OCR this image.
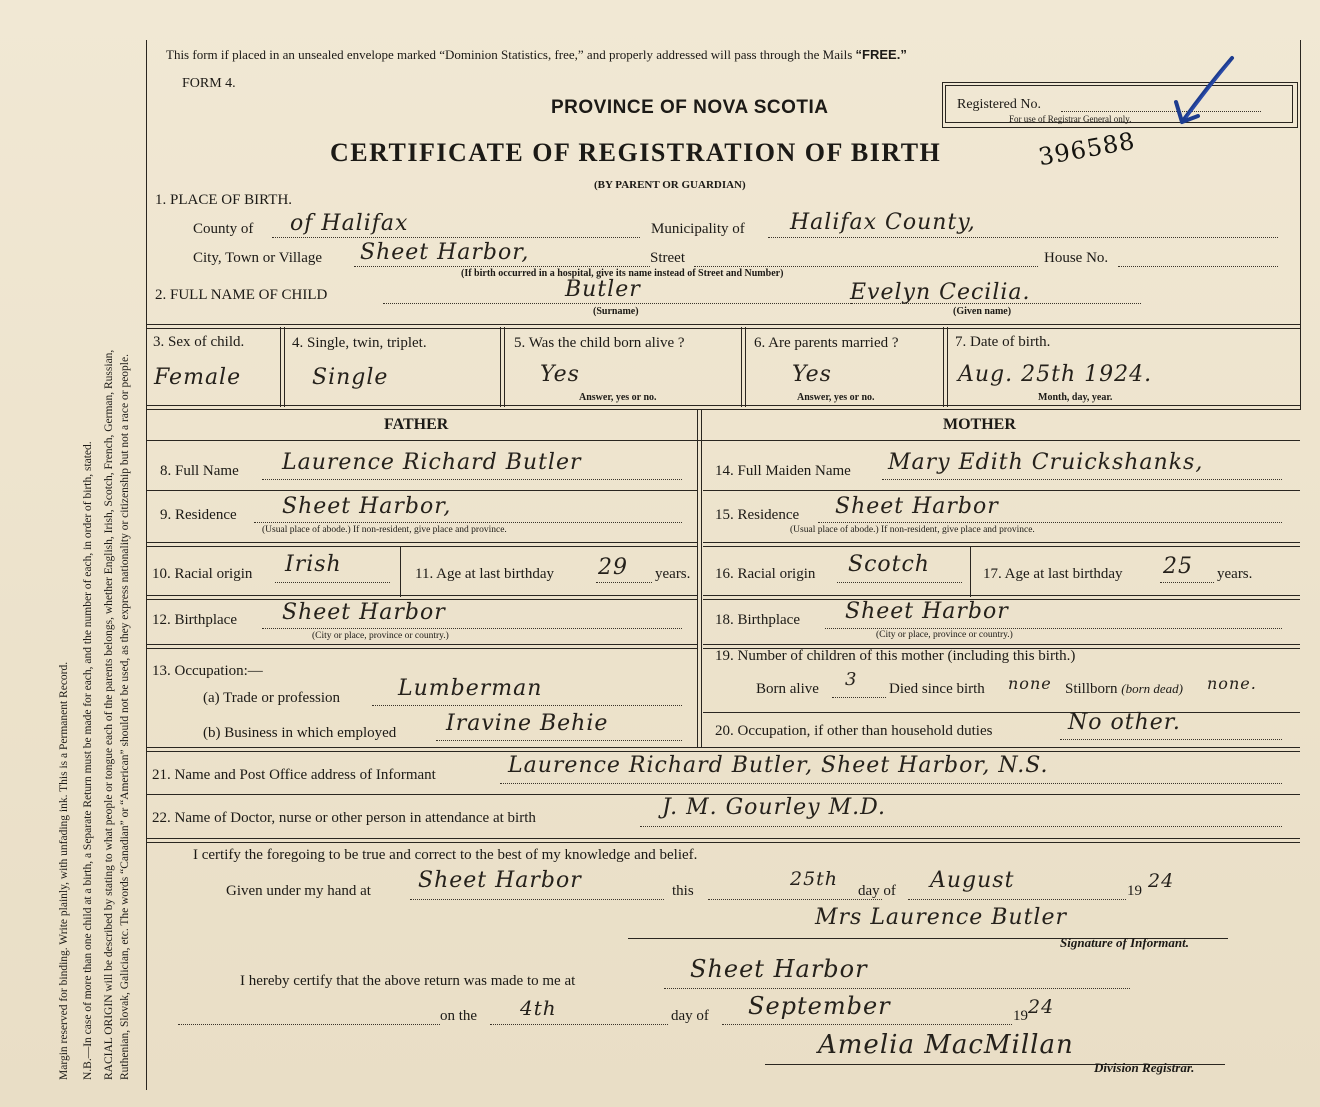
Margin reserved for binding. Write plainly, with unfading ink. This is a Permanent Record. N.B.—In case of more than one child at a birth, a Separate Return must be made for each, and the number of each, in order of birth, stated. RACIAL ORIGIN will be described by stating to what people or tongue each of the parents belongs, whether English, Irish, Scotch, French, German, Russian, Ruthenian, Slovak, Galician, etc. The words “Canadian” or “American” should not be used, as they express nationality or citizenship but not a race or people.
This form if placed in an unsealed envelope marked “Dominion Statistics, free,” and properly addressed will pass through the Mails “FREE.”
FORM 4.
PROVINCE OF NOVA SCOTIA	Registered No.
For use of Registrar General only.
396588
CERTIFICATE OF REGISTRATION OF BIRTH
(BY PARENT OR GUARDIAN)
1. PLACE OF BIRTH.
County of of Halifax	Municipality of Halifax County,
City, Town or Village Sheet Harbor,	Street	House No.
(If birth occurred in a hospital, give its name instead of Street and Number)
2. FULL NAME OF CHILD	Butler	Evelyn Cecilia.
(Surname)	(Given name)
3. Sex of child.
Female
4. Single, twin, triplet.
Single
5. Was the child born alive ?
Yes
Answer, yes or no.
6. Are parents married ?
Yes
Answer, yes or no.
7. Date of birth.
Aug. 25th 1924.
Month, day, year.
FATHER	MOTHER
8. Full Name Laurence Richard Butler
9. Residence Sheet Harbor,
(Usual place of abode.) If non-resident, give place and province.
10. Racial origin Irish	11. Age at last birthday 29 years.
12. Birthplace Sheet Harbor
(City or place, province or country.)
13. Occupation:—
(a) Trade or profession	Lumberman
(b) Business in which employed Iravine Behie
14. Full Maiden Name Mary Edith Cruickshanks,
15. Residence Sheet Harbor
(Usual place of abode.) If non-resident, give place and province.
16. Racial origin Scotch	17. Age at last birthday 25 years.
18. Birthplace Sheet Harbor
(City or place, province or country.)
19. Number of children of this mother (including this birth.)
Born alive 3 Died since birth none Stillborn (born dead) none.
20. Occupation, if other than household duties	No other.
21. Name and Post Office address of Informant	Laurence Richard Butler, Sheet Harbor, N.S.
22. Name of Doctor, nurse or other person in attendance at birth	J. M. Gourley M.D.
I certify the foregoing to be true and correct to the best of my knowledge and belief.
Given under my hand at Sheet Harbor	this
25th
day of August	19 24
Mrs Laurence Butler
Signature of Informant.
I hereby certify that the above return was made to me at	Sheet Harbor
on the 4th	day of September	19 24
Amelia MacMillan
Division Registrar.
